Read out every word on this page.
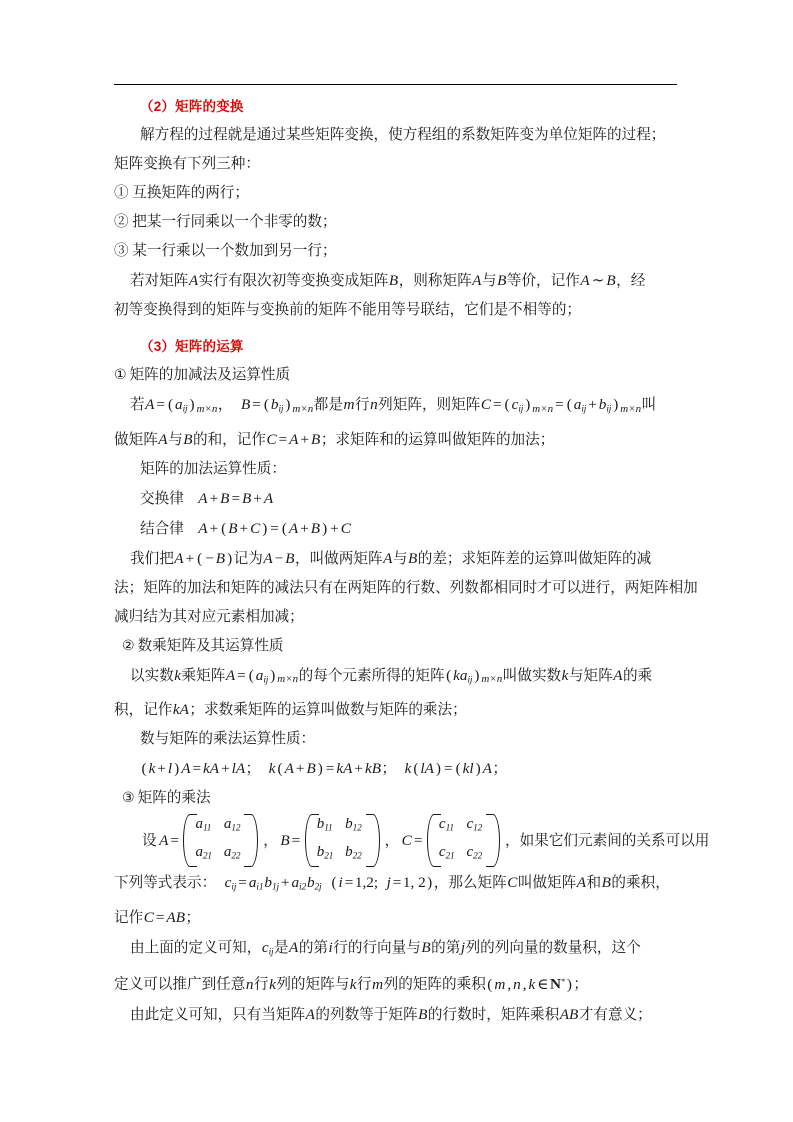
（2）矩阵的变换

解方程的过程就是通过某些矩阵变换，使方程组的系数矩阵变为单位矩阵的过程；

矩阵变换有下列三种：

① 互换矩阵的两行；

② 把某一行同乘以一个非零的数；

③ 某一行乘以一个数加到另一行；

若对矩阵A实行有限次初等变换变成矩阵B，则称矩阵A与B等价，记作A ∼ B，经

初等变换得到的矩阵与变换前的矩阵不能用等号联结，它们是不相等的；

（3）矩阵的运算

① 矩阵的加减法及运算性质

若A = ( $a_{ij}$ ) m×n， B = ( $b_{ij}$ ) m×n都是m行n列矩阵，则矩阵C = ( $c_{ij}$ ) m×n = ( $a_{ij} + b_{ij}$ ) m×n叫

做矩阵A与B的和，记作C = A + B；求矩阵和的运算叫做矩阵的加法；

矩阵的加法运算性质：

交换律 A + B = B + A

结合律 A + ( B + C ) = ( A + B ) + C

我们把A + ( − B ) 记为A − B，叫做两矩阵A与B的差；求矩阵差的运算叫做矩阵的减

法；矩阵的加法和矩阵的减法只有在两矩阵的行数、列数都相同时才可以进行，两矩阵相加

减归结为其对应元素相加减；

② 数乘矩阵及其运算性质

以实数k乘矩阵A = ( $a_{ij}$ ) m×n的每个元素所得的矩阵( $ka_{ij}$ ) m×n叫做实数k与矩阵A的乘

积，记作kA；求数乘矩阵的运算叫做数与矩阵的乘法；

数与矩阵的乘法运算性质：

( k + l ) A = kA + lA； k ( A + B ) = kA + kB； k ( lA ) = ( kl ) A；

③ 矩阵的乘法

设 A =
$a_{11}$	$a_{12}$
$a_{21}$	$a_{22}$
， B =
$b_{11}$	$b_{12}$
$b_{21}$	$b_{22}$
， C =
$c_{11}$	$c_{12}$
$c_{21}$	$c_{22}$
，如果它们元素间的关系可以用

下列等式表示： $c_{ij} = a_{i1}b_{1j} + a_{i2}b_{2j}$ ( i =1,2; j =1, 2) ，那么矩阵C叫做矩阵A和B的乘积，

记作C = AB；

由上面的定义可知，$c_{ij}$是A的第i行的行向量与B的第j列的列向量的数量积，这个

定义可以推广到任意n行k列的矩阵与k行m列的矩阵的乘积( m , n , k ∈N*) ；

由此定义可知，只有当矩阵A的列数等于矩阵B的行数时，矩阵乘积AB才有意义；
